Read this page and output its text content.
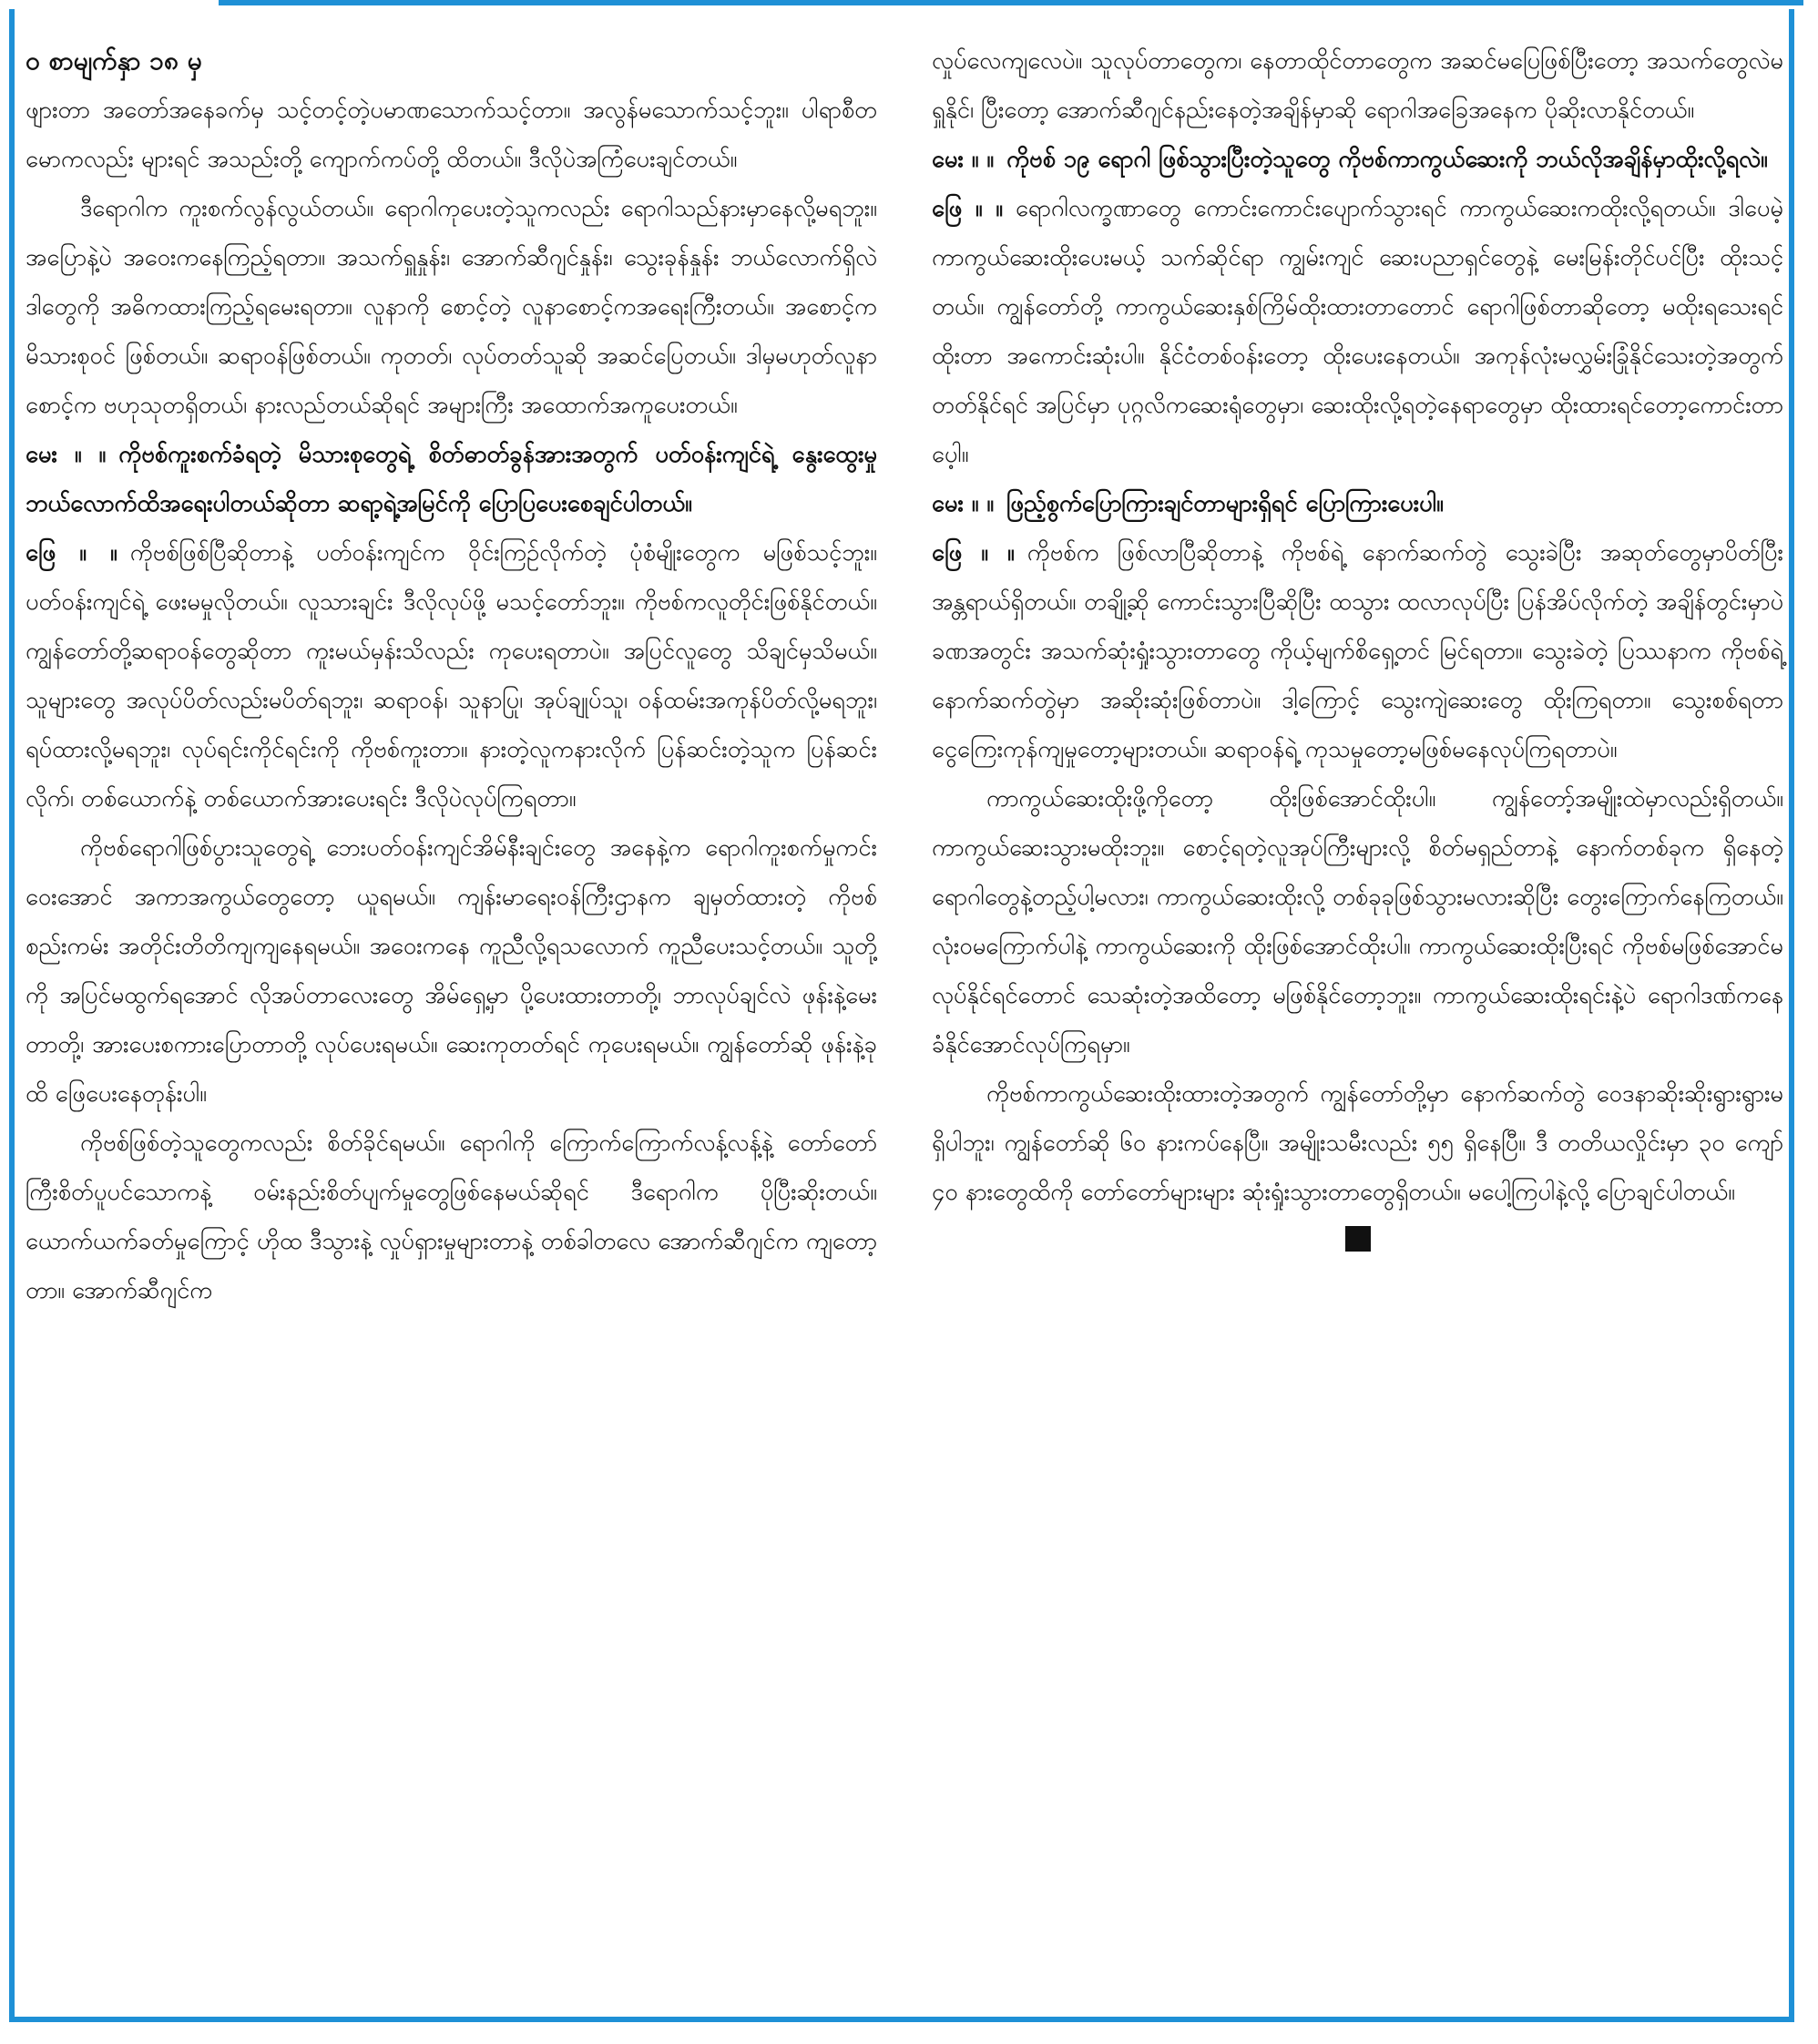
၀ စာမျက်နှာ ၁၈ မှ

ဖျားတာ အတော်အနေခက်မှ သင့်တင့်တဲ့ပမာဏသောက်သင့်တာ။ အလွန်မသောက်သင့်ဘူး။ ပါရာစီတမောကလည်း များရင် အသည်းတို့ ကျောက်ကပ်တို့ ထိတယ်။ ဒီလိုပဲအကြံပေးချင်တယ်။

ဒီရောဂါက ကူးစက်လွန်လွယ်တယ်။ ရောဂါကုပေးတဲ့သူကလည်း ရောဂါသည်နားမှာနေလို့မရဘူး။ အပြောနဲ့ပဲ အဝေးကနေကြည့်ရတာ။ အသက်ရှူနှုန်း၊ အောက်ဆီဂျင်နှုန်း၊ သွေးခုန်နှုန်း ဘယ်လောက်ရှိလဲ ဒါတွေကို အဓိကထားကြည့်ရမေးရတာ။ လူနာကို စောင့်တဲ့ လူနာစောင့်ကအရေးကြီးတယ်။ အစောင့်ကမိသားစုဝင် ဖြစ်တယ်။ ဆရာဝန်ဖြစ်တယ်။ ကုတတ်၊ လုပ်တတ်သူဆို အဆင်ပြေတယ်။ ဒါမှမဟုတ်လူနာစောင့်က ဗဟုသုတရှိတယ်၊ နားလည်တယ်ဆိုရင် အများကြီး အထောက်အကူပေးတယ်။

မေး ။ ။ ကိုဗစ်ကူးစက်ခံရတဲ့ မိသားစုတွေရဲ့ စိတ်ဓာတ်ခွန်အားအတွက် ပတ်ဝန်းကျင်ရဲ့ နွေးထွေးမှုဘယ်လောက်ထိအရေးပါတယ်ဆိုတာ ဆရာ့ရဲ့အမြင်ကို ပြောပြပေးစေချင်ပါတယ်။
ဖြေ ။ ။ ကိုဗစ်ဖြစ်ပြီဆိုတာနဲ့ ပတ်ဝန်းကျင်က ဝိုင်းကြဉ်လိုက်တဲ့ ပုံစံမျိုးတွေက မဖြစ်သင့်ဘူး။ ပတ်ဝန်းကျင်ရဲ့ ဖေးမမှုလိုတယ်။ လူသားချင်း ဒီလိုလုပ်ဖို့ မသင့်တော်ဘူး။ ကိုဗစ်ကလူတိုင်းဖြစ်နိုင်တယ်။ ကျွန်တော်တို့ဆရာဝန်တွေဆိုတာ ကူးမယ်မှန်းသိလည်း ကုပေးရတာပဲ။ အပြင်လူတွေ သိချင်မှသိမယ်။ သူများတွေ အလုပ်ပိတ်လည်းမပိတ်ရဘူး၊ ဆရာဝန်၊ သူနာပြု၊ အုပ်ချုပ်သူ၊ ဝန်ထမ်းအကုန်ပိတ်လို့မရဘူး၊ ရပ်ထားလို့မရဘူး၊ လုပ်ရင်းကိုင်ရင်းကို ကိုဗစ်ကူးတာ။ နားတဲ့လူကနားလိုက် ပြန်ဆင်းတဲ့သူက ပြန်ဆင်းလိုက်၊ တစ်ယောက်နဲ့ တစ်ယောက်အားပေးရင်း ဒီလိုပဲလုပ်ကြရတာ။

ကိုဗစ်ရောဂါဖြစ်ပွားသူတွေရဲ့ ဘေးပတ်ဝန်းကျင်အိမ်နီးချင်းတွေ အနေနဲ့က ရောဂါကူးစက်မှုကင်းဝေးအောင် အကာအကွယ်တွေတော့ ယူရမယ်။ ကျန်းမာရေးဝန်ကြီးဌာနက ချမှတ်ထားတဲ့ ကိုဗစ်စည်းကမ်း အတိုင်းတိတိကျကျနေရမယ်။ အဝေးကနေ ကူညီလို့ရသလောက် ကူညီပေးသင့်တယ်။ သူတို့ကို အပြင်မထွက်ရအောင် လိုအပ်တာလေးတွေ အိမ်ရှေ့မှာ ပို့ပေးထားတာတို့၊ ဘာလုပ်ချင်လဲ ဖုန်းနဲ့မေးတာတို့၊ အားပေးစကားပြောတာတို့ လုပ်ပေးရမယ်။ ဆေးကုတတ်ရင် ကုပေးရမယ်။ ကျွန်တော်ဆို ဖုန်းနဲ့ခုထိ ဖြေပေးနေတုန်းပါ။

ကိုဗစ်ဖြစ်တဲ့သူတွေကလည်း စိတ်ခိုင်ရမယ်။ ရောဂါကို ကြောက်ကြောက်လန့်လန့်နဲ့ တော်တော်ကြီးစိတ်ပူပင်သောကနဲ့ ဝမ်းနည်းစိတ်ပျက်မှုတွေဖြစ်နေမယ်ဆိုရင် ဒီရောဂါက ပိုပြီးဆိုးတယ်။ ယောက်ယက်ခတ်မှုကြောင့် ဟိုထ ဒီသွားနဲ့ လှုပ်ရှားမှုများတာနဲ့ တစ်ခါတလေ အောက်ဆီဂျင်က ကျတော့တာ။ အောက်ဆီဂျင်က

လှုပ်လေကျလေပဲ။ သူလုပ်တာတွေက၊ နေတာထိုင်တာတွေက အဆင်မပြေဖြစ်ပြီးတော့ အသက်တွေလဲမရှူနိုင်၊ ပြီးတော့ အောက်ဆီဂျင်နည်းနေတဲ့အချိန်မှာဆို ရောဂါအခြေအနေက ပိုဆိုးလာနိုင်တယ်။

မေး ။ ။ ကိုဗစ် ၁၉ ရောဂါ ဖြစ်သွားပြီးတဲ့သူတွေ ကိုဗစ်ကာကွယ်ဆေးကို ဘယ်လိုအချိန်မှာထိုးလို့ရလဲ။
ဖြေ ။ ။ ရောဂါလက္ခဏာတွေ ကောင်းကောင်းပျောက်သွားရင် ကာကွယ်ဆေးကထိုးလို့ရတယ်။ ဒါပေမဲ့ ကာကွယ်ဆေးထိုးပေးမယ့် သက်ဆိုင်ရာ ကျွမ်းကျင် ဆေးပညာရှင်တွေနဲ့ မေးမြန်းတိုင်ပင်ပြီး ထိုးသင့်တယ်။ ကျွန်တော်တို့ ကာကွယ်ဆေးနှစ်ကြိမ်ထိုးထားတာတောင် ရောဂါဖြစ်တာဆိုတော့ မထိုးရသေးရင် ထိုးတာ အကောင်းဆုံးပါ။ နိုင်ငံတစ်ဝန်းတော့ ထိုးပေးနေတယ်။ အကုန်လုံးမလွှမ်းခြုံနိုင်သေးတဲ့အတွက် တတ်နိုင်ရင် အပြင်မှာ ပုဂ္ဂလိကဆေးရုံတွေမှာ၊ ဆေးထိုးလို့ရတဲ့နေရာတွေမှာ ထိုးထားရင်တော့ကောင်းတာပေ့ါ။
မေး ။ ။ ဖြည့်စွက်ပြောကြားချင်တာများရှိရင် ပြောကြားပေးပါ။
ဖြေ ။ ။ ကိုဗစ်က ဖြစ်လာပြီဆိုတာနဲ့ ကိုဗစ်ရဲ့ နောက်ဆက်တွဲ သွေးခဲပြီး အဆုတ်တွေမှာပိတ်ပြီး အန္တရာယ်ရှိတယ်။ တချို့ဆို ကောင်းသွားပြီဆိုပြီး ထသွား ထလာလုပ်ပြီး ပြန်အိပ်လိုက်တဲ့ အချိန်တွင်းမှာပဲ ခဏအတွင်း အသက်ဆုံးရှုံးသွားတာတွေ ကိုယ့်မျက်စိရှေ့တင် မြင်ရတာ။ သွေးခဲတဲ့ ပြဿနာက ကိုဗစ်ရဲ့နောက်ဆက်တွဲမှာ အဆိုးဆုံးဖြစ်တာပဲ။ ဒါ့ကြောင့် သွေးကျဲဆေးတွေ ထိုးကြရတာ။ သွေးစစ်ရတာ ငွေကြေးကုန်ကျမှုတော့များတယ်။ ဆရာဝန်ရဲ့ ကုသမှုတော့မဖြစ်မနေလုပ်ကြရတာပဲ။

ကာကွယ်ဆေးထိုးဖို့ကိုတော့ ထိုးဖြစ်အောင်ထိုးပါ။ ကျွန်တော့်အမျိုးထဲမှာလည်းရှိတယ်။ ကာကွယ်ဆေးသွားမထိုးဘူး။ စောင့်ရတဲ့လူအုပ်ကြီးများလို့ စိတ်မရှည်တာနဲ့ နောက်တစ်ခုက ရှိနေတဲ့ ရောဂါတွေနဲ့တည့်ပါ့မလား၊ ကာကွယ်ဆေးထိုးလို့ တစ်ခုခုဖြစ်သွားမလားဆိုပြီး တွေးကြောက်နေကြတယ်။ လုံးဝမကြောက်ပါနဲ့ ကာကွယ်ဆေးကို ထိုးဖြစ်အောင်ထိုးပါ။ ကာကွယ်ဆေးထိုးပြီးရင် ကိုဗစ်မဖြစ်အောင်မလုပ်နိုင်ရင်တောင် သေဆုံးတဲ့အထိတော့ မဖြစ်နိုင်တော့ဘူး။ ကာကွယ်ဆေးထိုးရင်းနဲ့ပဲ ရောဂါဒဏ်ကနေ ခံနိုင်အောင်လုပ်ကြရမှာ။

ကိုဗစ်ကာကွယ်ဆေးထိုးထားတဲ့အတွက် ကျွန်တော်တို့မှာ နောက်ဆက်တွဲ ဝေဒနာဆိုးဆိုးရွားရွားမရှိပါဘူး၊ ကျွန်တော်ဆို ၆၀ နားကပ်နေပြီ။ အမျိုးသမီးလည်း ၅၅ ရှိနေပြီ။ ဒီ တတိယလှိုင်းမှာ ၃၀ ကျော် ၄၀ နားတွေထိကို တော်တော်များများ ဆုံးရှုံးသွားတာတွေရှိတယ်။ မပေါ့ကြပါနဲ့လို့ ပြောချင်ပါတယ်။
